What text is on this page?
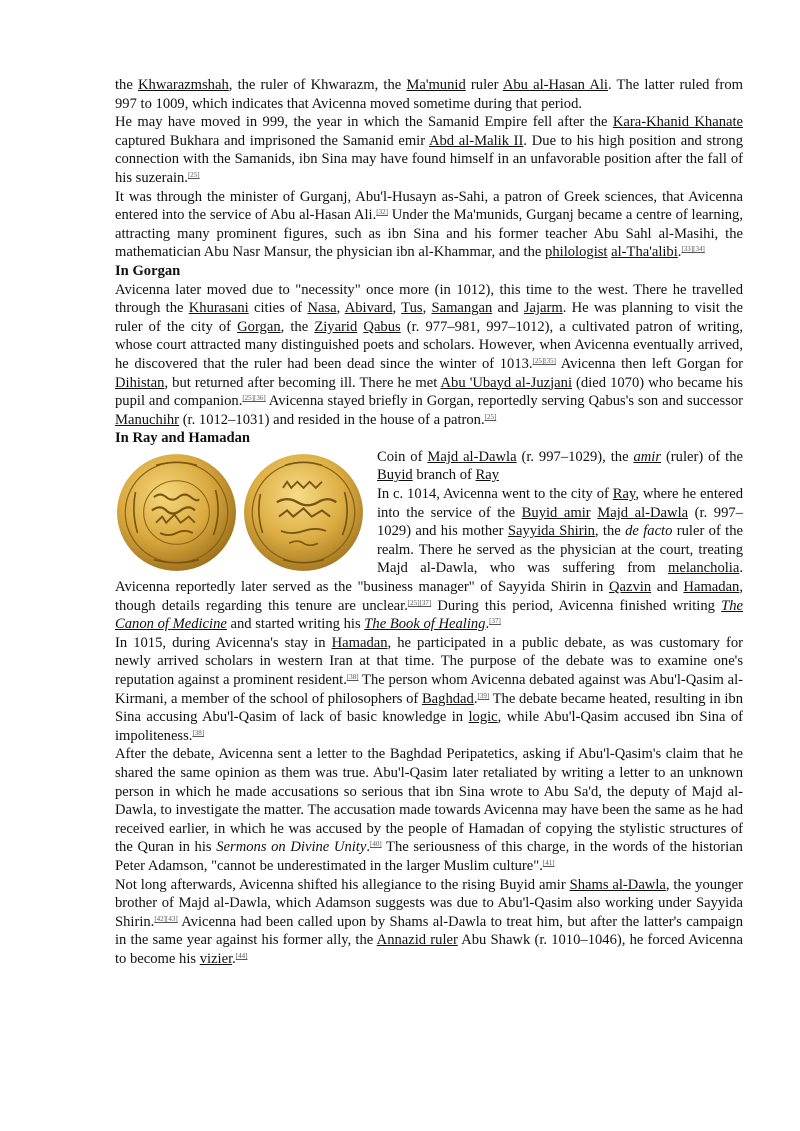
the Khwarazmshah, the ruler of Khwarazm, the Ma'munid ruler Abu al-Hasan Ali. The latter ruled from 997 to 1009, which indicates that Avicenna moved sometime during that period.

He may have moved in 999, the year in which the Samanid Empire fell after the Kara-Khanid Khanate captured Bukhara and imprisoned the Samanid emir Abd al-Malik II. Due to his high position and strong connection with the Samanids, ibn Sina may have found himself in an unfavorable position after the fall of his suzerain.[25]

It was through the minister of Gurganj, Abu'l-Husayn as-Sahi, a patron of Greek sciences, that Avicenna entered into the service of Abu al-Hasan Ali.[32] Under the Ma'munids, Gurganj became a centre of learning, attracting many prominent figures, such as ibn Sina and his former teacher Abu Sahl al-Masihi, the mathematician Abu Nasr Mansur, the physician ibn al-Khammar, and the philologist al-Tha'alibi.[33][34]

In Gorgan

Avicenna later moved due to "necessity" once more (in 1012), this time to the west. There he travelled through the Khurasani cities of Nasa, Abivard, Tus, Samangan and Jajarm. He was planning to visit the ruler of the city of Gorgan, the Ziyarid Qabus (r. 977–981, 997–1012), a cultivated patron of writing, whose court attracted many distinguished poets and scholars. However, when Avicenna eventually arrived, he discovered that the ruler had been dead since the winter of 1013.[25][35] Avicenna then left Gorgan for Dihistan, but returned after becoming ill. There he met Abu 'Ubayd al-Juzjani (died 1070) who became his pupil and companion.[25][36] Avicenna stayed briefly in Gorgan, reportedly serving Qabus's son and successor Manuchihr (r. 1012–1031) and resided in the house of a patron.[25]

In Ray and Hamadan

Coin of Majd al-Dawla (r. 997–1029), the amir (ruler) of the Buyid branch of Ray

In c. 1014, Avicenna went to the city of Ray, where he entered into the service of the Buyid amir Majd al-Dawla (r. 997–1029) and his mother Sayyida Shirin, the de facto ruler of the realm. There he served as the physician at the court, treating Majd al-Dawla, who was suffering from melancholia. Avicenna reportedly later served as the "business manager" of Sayyida Shirin in Qazvin and Hamadan, though details regarding this tenure are unclear.[25][37] During this period, Avicenna finished writing The Canon of Medicine and started writing his The Book of Healing.[37]

In 1015, during Avicenna's stay in Hamadan, he participated in a public debate, as was customary for newly arrived scholars in western Iran at that time. The purpose of the debate was to examine one's reputation against a prominent resident.[38] The person whom Avicenna debated against was Abu'l-Qasim al-Kirmani, a member of the school of philosophers of Baghdad.[39] The debate became heated, resulting in ibn Sina accusing Abu'l-Qasim of lack of basic knowledge in logic, while Abu'l-Qasim accused ibn Sina of impoliteness.[38]

After the debate, Avicenna sent a letter to the Baghdad Peripatetics, asking if Abu'l-Qasim's claim that he shared the same opinion as them was true. Abu'l-Qasim later retaliated by writing a letter to an unknown person in which he made accusations so serious that ibn Sina wrote to Abu Sa'd, the deputy of Majd al-Dawla, to investigate the matter. The accusation made towards Avicenna may have been the same as he had received earlier, in which he was accused by the people of Hamadan of copying the stylistic structures of the Quran in his Sermons on Divine Unity.[40] The seriousness of this charge, in the words of the historian Peter Adamson, "cannot be underestimated in the larger Muslim culture".[41]

Not long afterwards, Avicenna shifted his allegiance to the rising Buyid amir Shams al-Dawla, the younger brother of Majd al-Dawla, which Adamson suggests was due to Abu'l-Qasim also working under Sayyida Shirin.[42][43] Avicenna had been called upon by Shams al-Dawla to treat him, but after the latter's campaign in the same year against his former ally, the Annazid ruler Abu Shawk (r. 1010–1046), he forced Avicenna to become his vizier.[44]
